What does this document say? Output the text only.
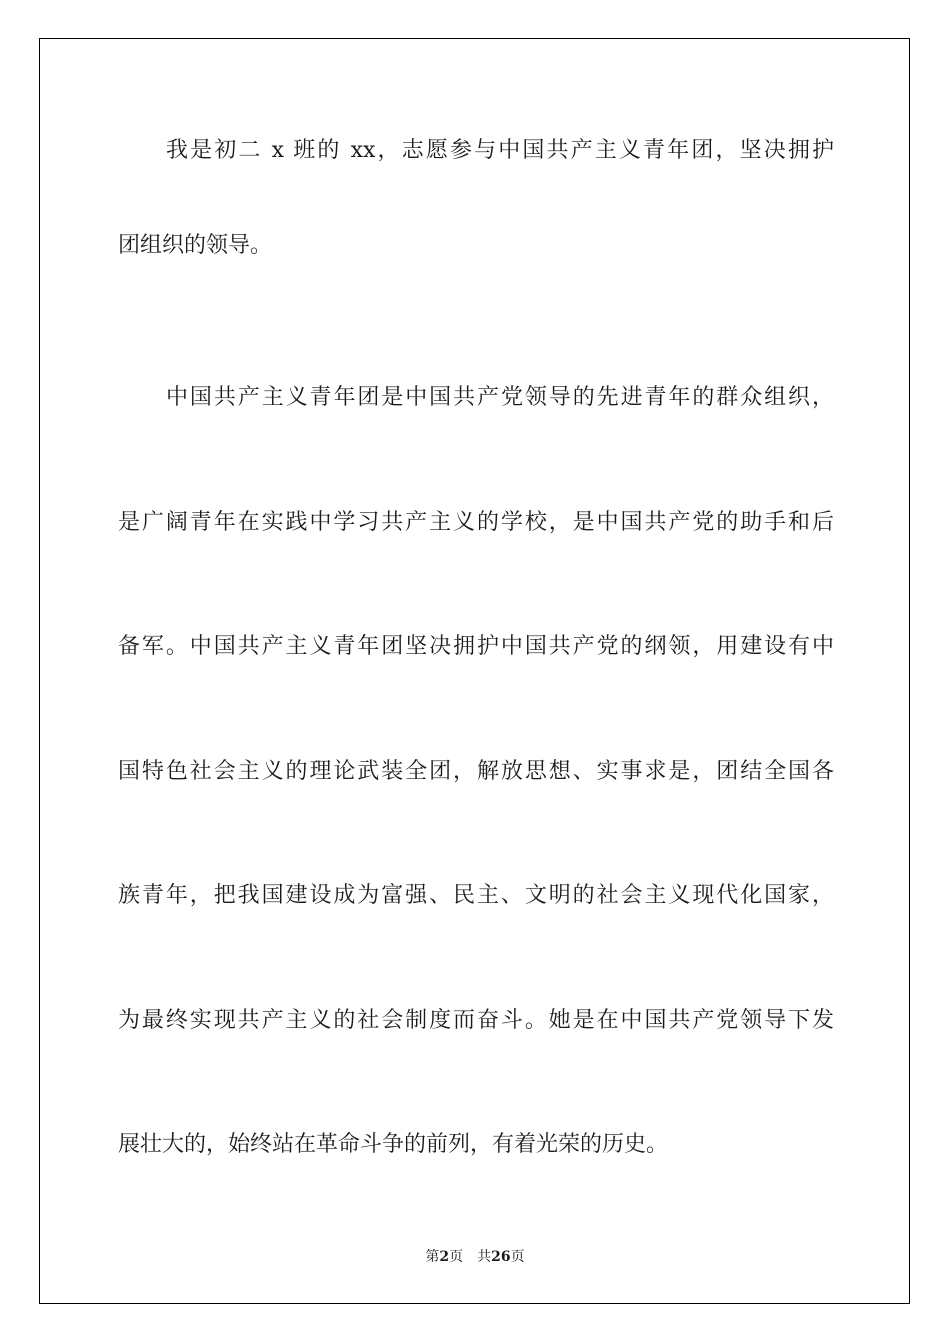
我是初二 x 班的 xx，志愿参与中国共产主义青年团，坚决拥护
团组织的领导。
中国共产主义青年团是中国共产党领导的先进青年的群众组织，
是广阔青年在实践中学习共产主义的学校，是中国共产党的助手和后
备军。中国共产主义青年团坚决拥护中国共产党的纲领，用建设有中
国特色社会主义的理论武装全团，解放思想、实事求是，团结全国各
族青年，把我国建设成为富强、民主、文明的社会主义现代化国家，
为最终实现共产主义的社会制度而奋斗。她是在中国共产党领导下发
展壮大的，始终站在革命斗争的前列，有着光荣的历史。
第2页 共26页
